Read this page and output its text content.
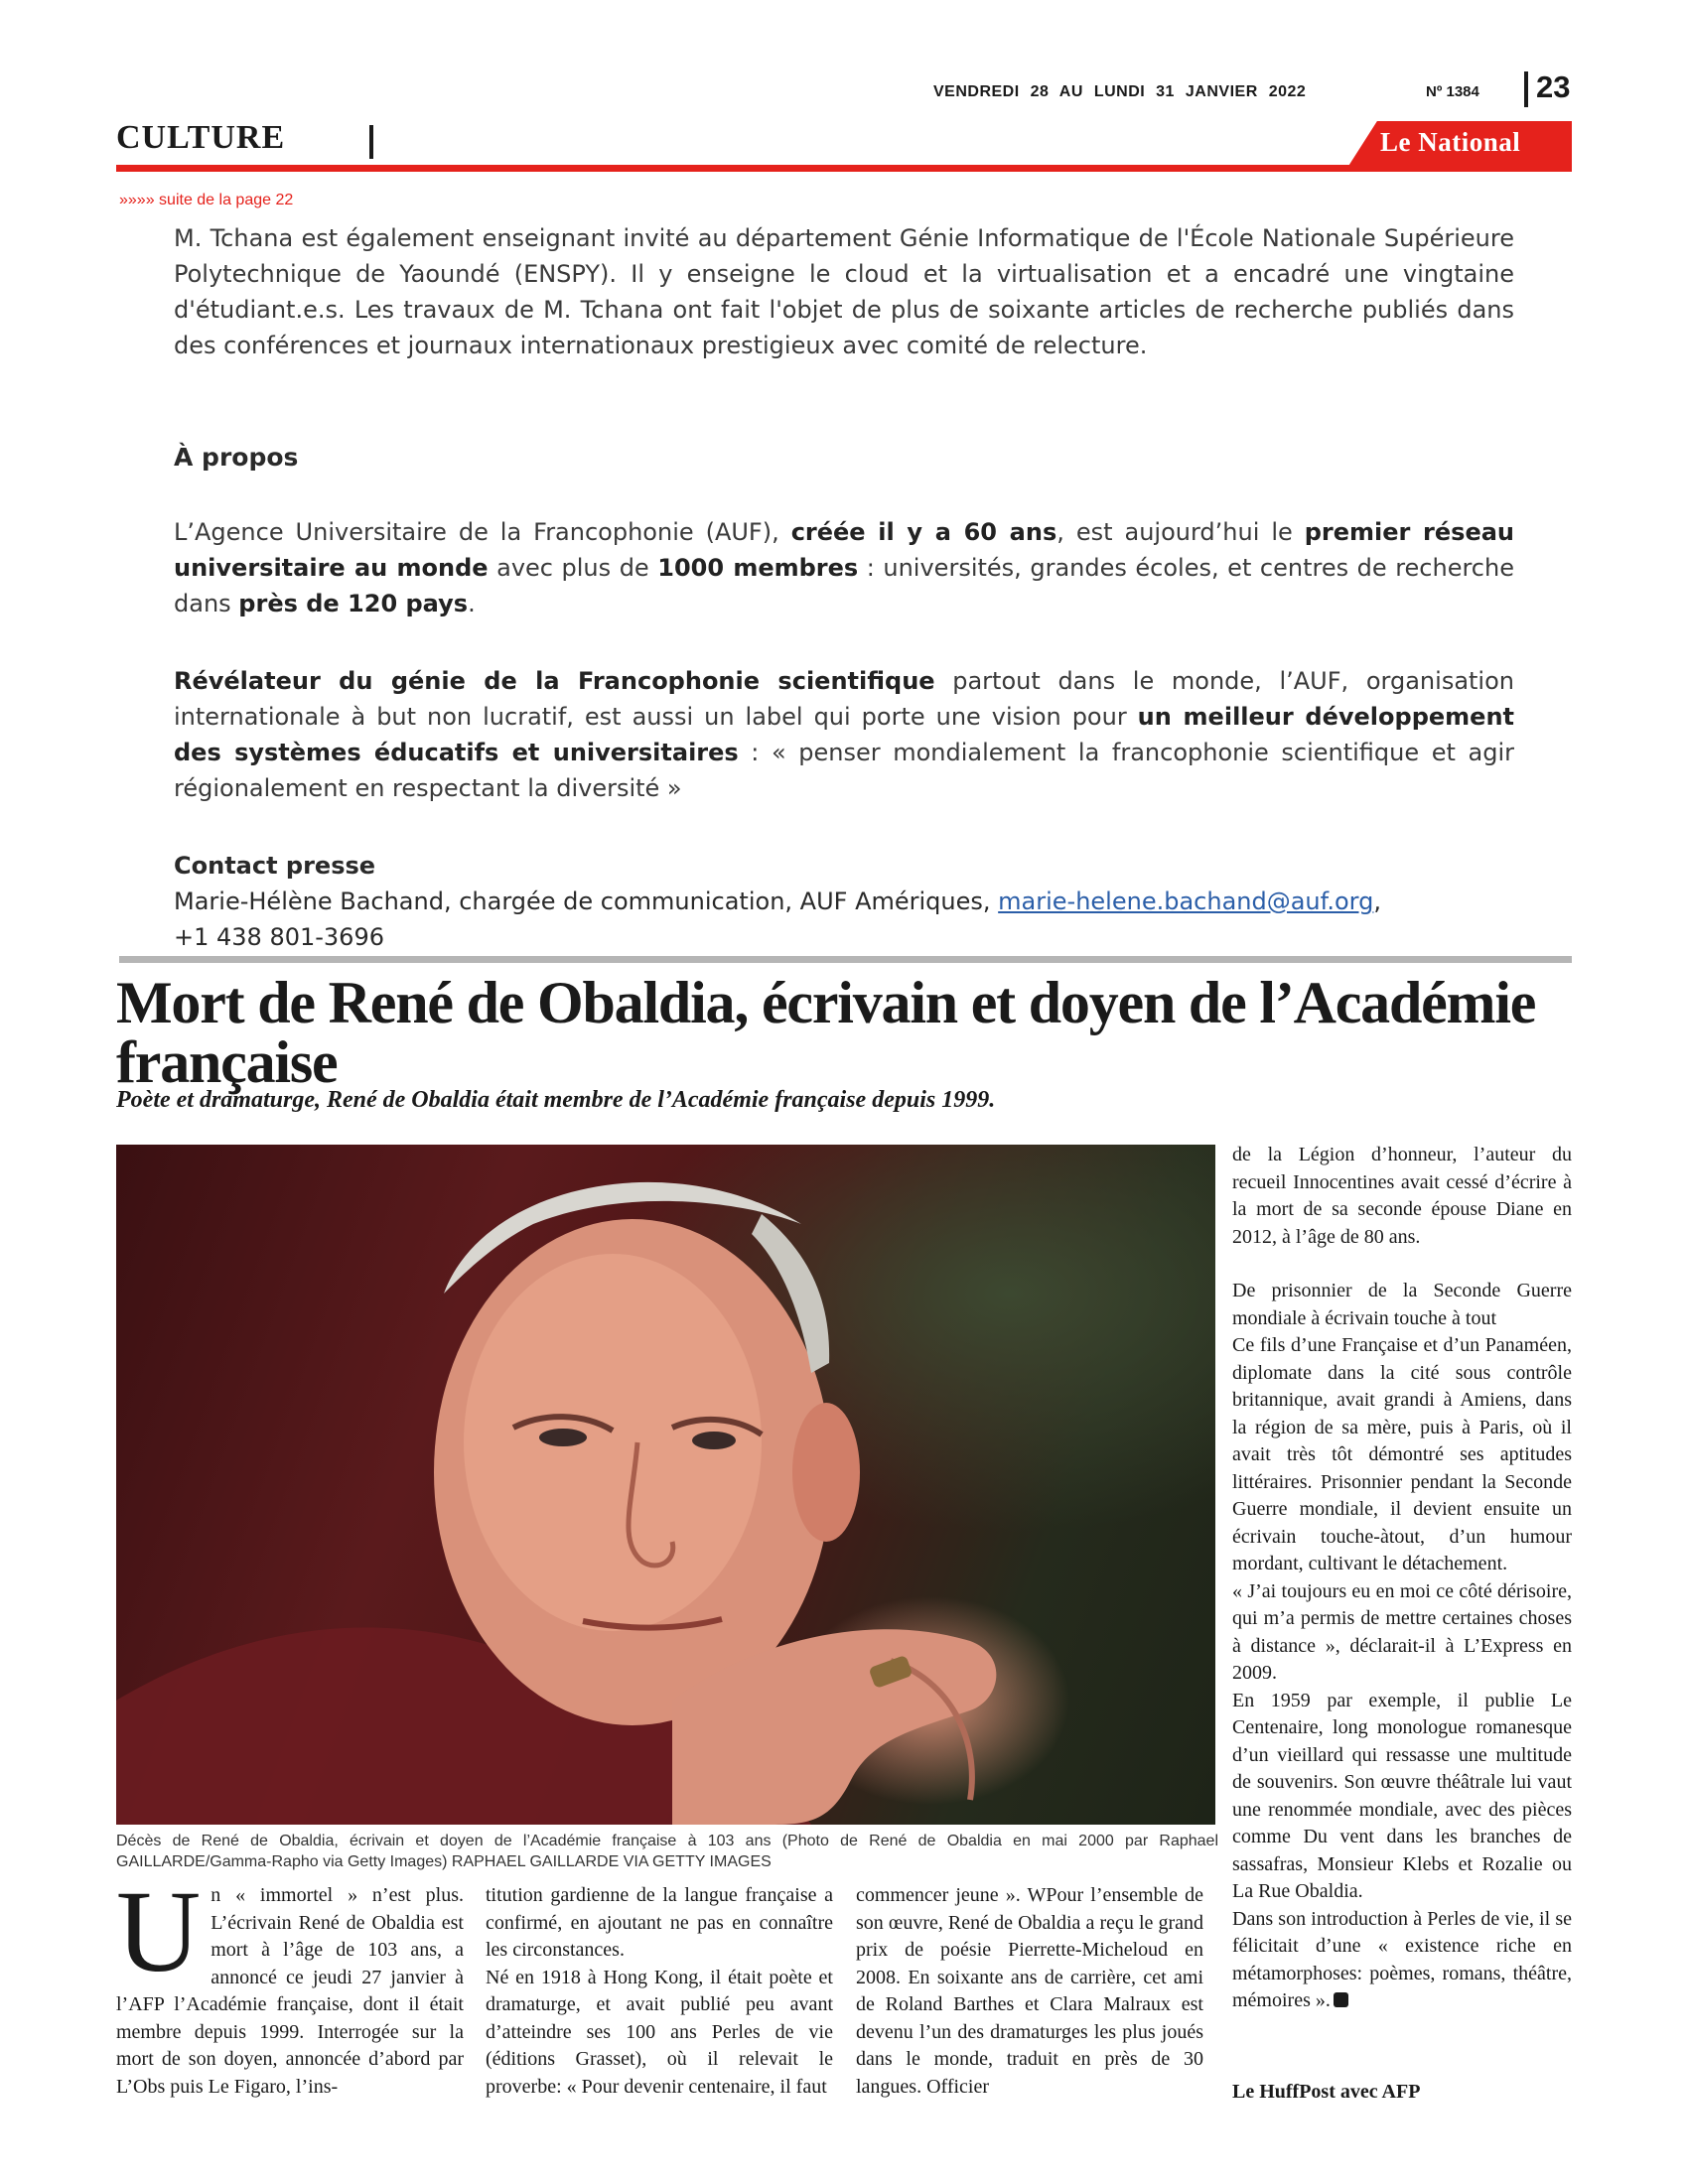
VENDREDI 28 AU LUNDI 31 JANVIER 2022	Nº 1384 23
CULTURE	Le National
»»»» suite de la page 22

M. Tchana est également enseignant invité au département Génie Informatique de l'École Nationale Supérieure Polytechnique de Yaoundé (ENSPY). Il y enseigne le cloud et la virtualisation et a encadré une vingtaine d'étudiant.e.s. Les travaux de M. Tchana ont fait l'objet de plus de soixante articles de recherche publiés dans des conférences et journaux internationaux prestigieux avec comité de relecture.

À propos

L’Agence Universitaire de la Francophonie (AUF), créée il y a 60 ans, est aujourd’hui le premier réseau universitaire au monde avec plus de 1000 membres : universités, grandes écoles, et centres de recherche dans près de 120 pays.

Révélateur du génie de la Francophonie scientifique partout dans le monde, l’AUF, organisation internationale à but non lucratif, est aussi un label qui porte une vision pour un meilleur développement des systèmes éducatifs et universitaires : « penser mondialement la francophonie scientifique et agir régionalement en respectant la diversité »

Contact presse
Marie-Hélène Bachand, chargée de communication, AUF Amériques, marie-helene.bachand@auf.org,
+1 438 801-3696
Mort de René de Obaldia, écrivain et doyen de l’Académie française
Poète et dramaturge, René de Obaldia était membre de l’Académie française depuis 1999.

Décès de René de Obaldia, écrivain et doyen de l’Académie française à 103 ans (Photo de René de Obaldia en mai 2000 par Raphael GAILLARDE/Gamma-Rapho via Getty Images) RAPHAEL GAILLARDE VIA GETTY IMAGES

Un « immortel » n’est plus. L’écrivain René de Obaldia est mort à l’âge de 103 ans, a annoncé ce jeudi 27 janvier à l’AFP l’Académie française, dont il était membre depuis 1999. Interrogée sur la mort de son doyen, annoncée d’abord par L’Obs puis Le Figaro, l’ins-

titution gardienne de la langue française a confirmé, en ajoutant ne pas en connaître les circonstances.

Né en 1918 à Hong Kong, il était poète et dramaturge, et avait publié peu avant d’atteindre ses 100 ans Perles de vie (éditions Grasset), où il relevait le proverbe: « Pour devenir centenaire, il faut

commencer jeune ». WPour l’ensemble de son œuvre, René de Obaldia a reçu le grand prix de poésie Pierrette-Micheloud en 2008. En soixante ans de carrière, cet ami de Roland Barthes et Clara Malraux est devenu l’un des dramaturges les plus joués dans le monde, traduit en près de 30 langues. Officier

de la Légion d’honneur, l’auteur du recueil Innocentines avait cessé d’écrire à la mort de sa seconde épouse Diane en 2012, à l’âge de 80 ans.

De prisonnier de la Seconde Guerre mondiale à écrivain touche à tout

Ce fils d’une Française et d’un Panaméen, diplomate dans la cité sous contrôle britannique, avait grandi à Amiens, dans la région de sa mère, puis à Paris, où il avait très tôt démontré ses aptitudes littéraires. Prisonnier pendant la Seconde Guerre mondiale, il devient ensuite un écrivain touche-àtout, d’un humour mordant, cultivant le détachement.

« J’ai toujours eu en moi ce côté dérisoire, qui m’a permis de mettre certaines choses à distance », déclarait-il à L’Express en 2009.

En 1959 par exemple, il publie Le Centenaire, long monologue romanesque d’un vieillard qui ressasse une multitude de souvenirs. Son œuvre théâtrale lui vaut une renommée mondiale, avec des pièces comme Du vent dans les branches de sassafras, Monsieur Klebs et Rozalie ou La Rue Obaldia.

Dans son introduction à Perles de vie, il se félicitait d’une « existence riche en métamorphoses: poèmes, romans, théâtre, mémoires ».

Le HuffPost avec AFP
